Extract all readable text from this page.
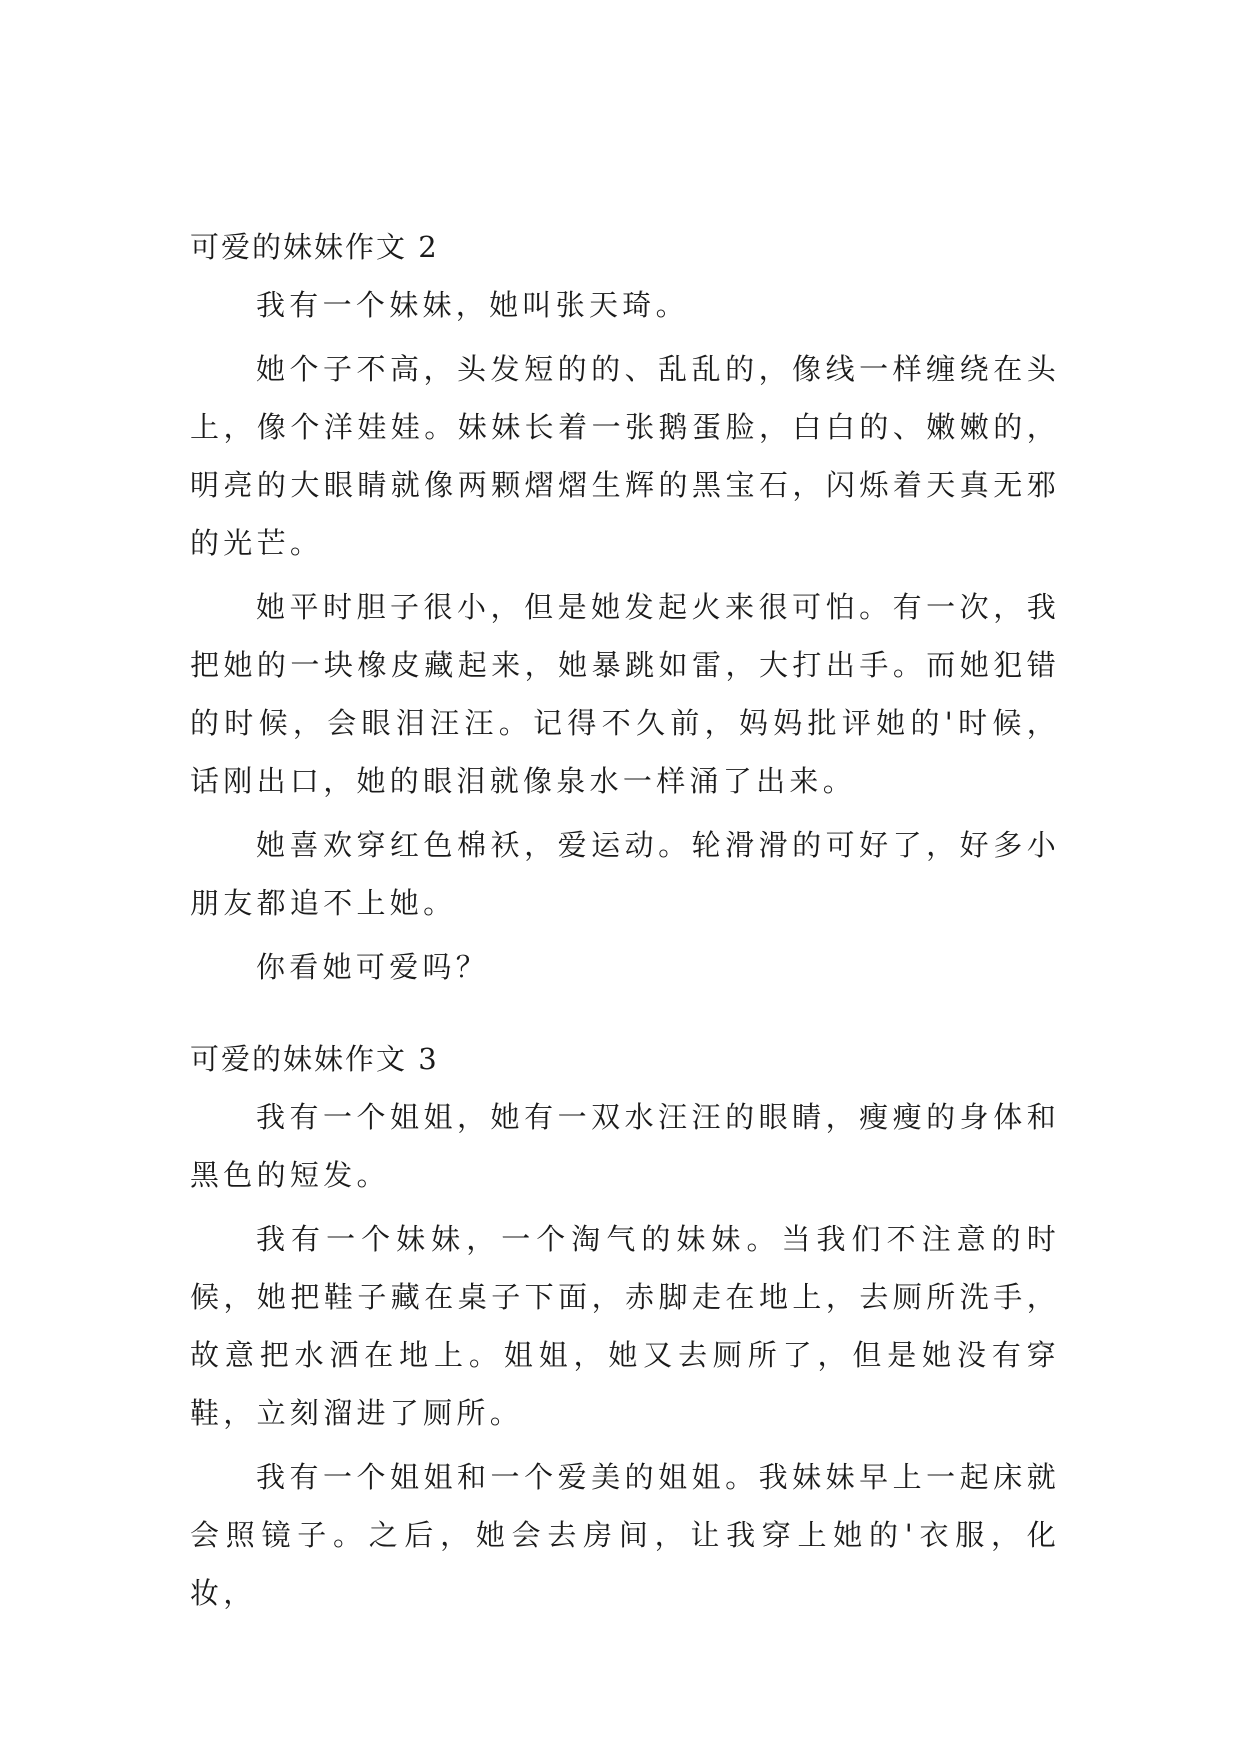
可爱的妹妹作文 2

我有一个妹妹，她叫张天琦。

她个子不高，头发短的的、乱乱的，像线一样缠绕在头上，像个洋娃娃。妹妹长着一张鹅蛋脸，白白的、嫩嫩的，明亮的大眼睛就像两颗熠熠生辉的黑宝石，闪烁着天真无邪的光芒。

她平时胆子很小，但是她发起火来很可怕。有一次，我把她的一块橡皮藏起来，她暴跳如雷，大打出手。而她犯错的时候，会眼泪汪汪。记得不久前，妈妈批评她的'时候，话刚出口，她的眼泪就像泉水一样涌了出来。

她喜欢穿红色棉袄，爱运动。轮滑滑的可好了，好多小朋友都追不上她。

你看她可爱吗？

可爱的妹妹作文 3

我有一个姐姐，她有一双水汪汪的眼睛，瘦瘦的身体和黑色的短发。

我有一个妹妹，一个淘气的妹妹。当我们不注意的时候，她把鞋子藏在桌子下面，赤脚走在地上，去厕所洗手，故意把水洒在地上。姐姐，她又去厕所了，但是她没有穿鞋，立刻溜进了厕所。

我有一个姐姐和一个爱美的姐姐。我妹妹早上一起床就会照镜子。之后，她会去房间，让我穿上她的'衣服，化妆，
